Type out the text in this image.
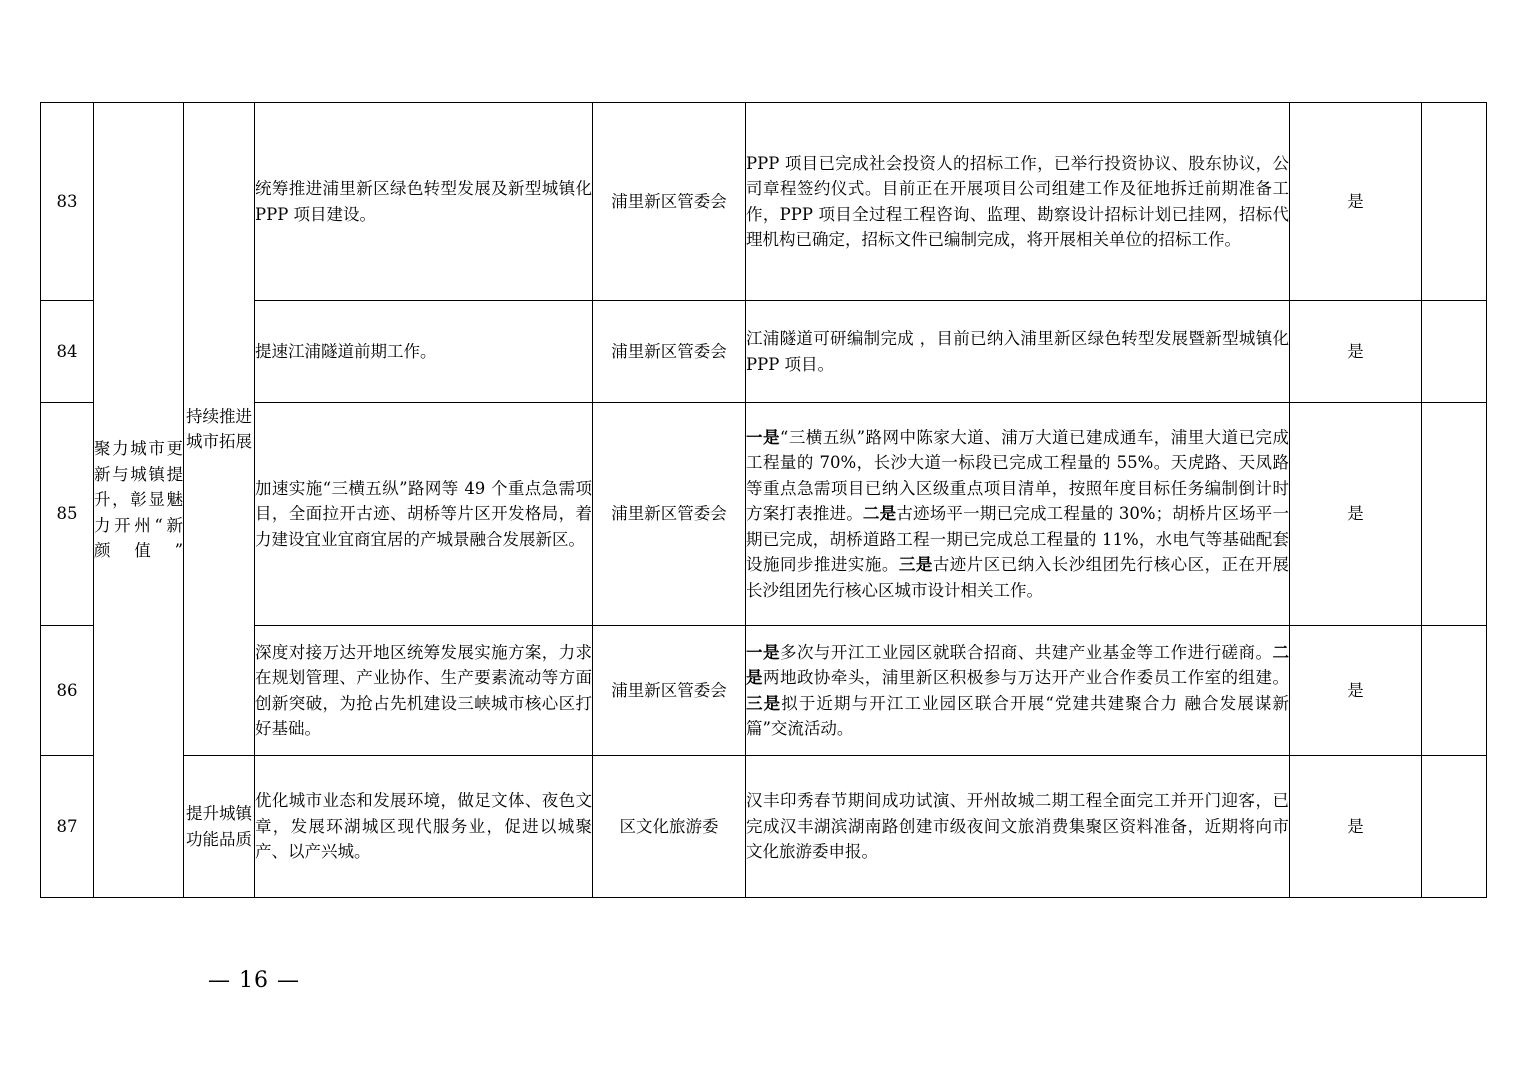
83	聚力城市更新与城镇提升，彰显魅力开州“新颜值”	持续推进城市拓展	统筹推进浦里新区绿色转型发展及新型城镇化 PPP 项目建设。	浦里新区管委会	PPP 项目已完成社会投资人的招标工作，已举行投资协议、股东协议，公司章程签约仪式。目前正在开展项目公司组建工作及征地拆迁前期准备工作，PPP 项目全过程工程咨询、监理、勘察设计招标计划已挂网，招标代理机构已确定，招标文件已编制完成，将开展相关单位的招标工作。	是	
84			提速江浦隧道前期工作。	浦里新区管委会	江浦隧道可研编制完成 ，目前已纳入浦里新区绿色转型发展暨新型城镇化 PPP 项目。	是	
85			加速实施“三横五纵”路网等 49 个重点急需项目，全面拉开古迹、胡桥等片区开发格局，着力建设宜业宜商宜居的产城景融合发展新区。	浦里新区管委会	一是“三横五纵”路网中陈家大道、浦万大道已建成通车，浦里大道已完成工程量的 70%，长沙大道一标段已完成工程量的 55%。天虎路、天凤路等重点急需项目已纳入区级重点项目清单，按照年度目标任务编制倒计时方案打表推进。二是古迹场平一期已完成工程量的 30%；胡桥片区场平一期已完成，胡桥道路工程一期已完成总工程量的 11%，水电气等基础配套设施同步推进实施。三是古迹片区已纳入长沙组团先行核心区，正在开展长沙组团先行核心区城市设计相关工作。	是	
86			深度对接万达开地区统筹发展实施方案，力求在规划管理、产业协作、生产要素流动等方面创新突破，为抢占先机建设三峡城市核心区打好基础。	浦里新区管委会	一是多次与开江工业园区就联合招商、共建产业基金等工作进行磋商。二是两地政协牵头，浦里新区积极参与万达开产业合作委员工作室的组建。三是拟于近期与开江工业园区联合开展“党建共建聚合力 融合发展谋新篇”交流活动。	是	
87		提升城镇功能品质	优化城市业态和发展环境，做足文体、夜色文章，发展环湖城区现代服务业，促进以城聚产、以产兴城。	区文化旅游委	汉丰印秀春节期间成功试演、开州故城二期工程全面完工并开门迎客，已完成汉丰湖滨湖南路创建市级夜间文旅消费集聚区资料准备，近期将向市文化旅游委申报。	是	
— 16 —
